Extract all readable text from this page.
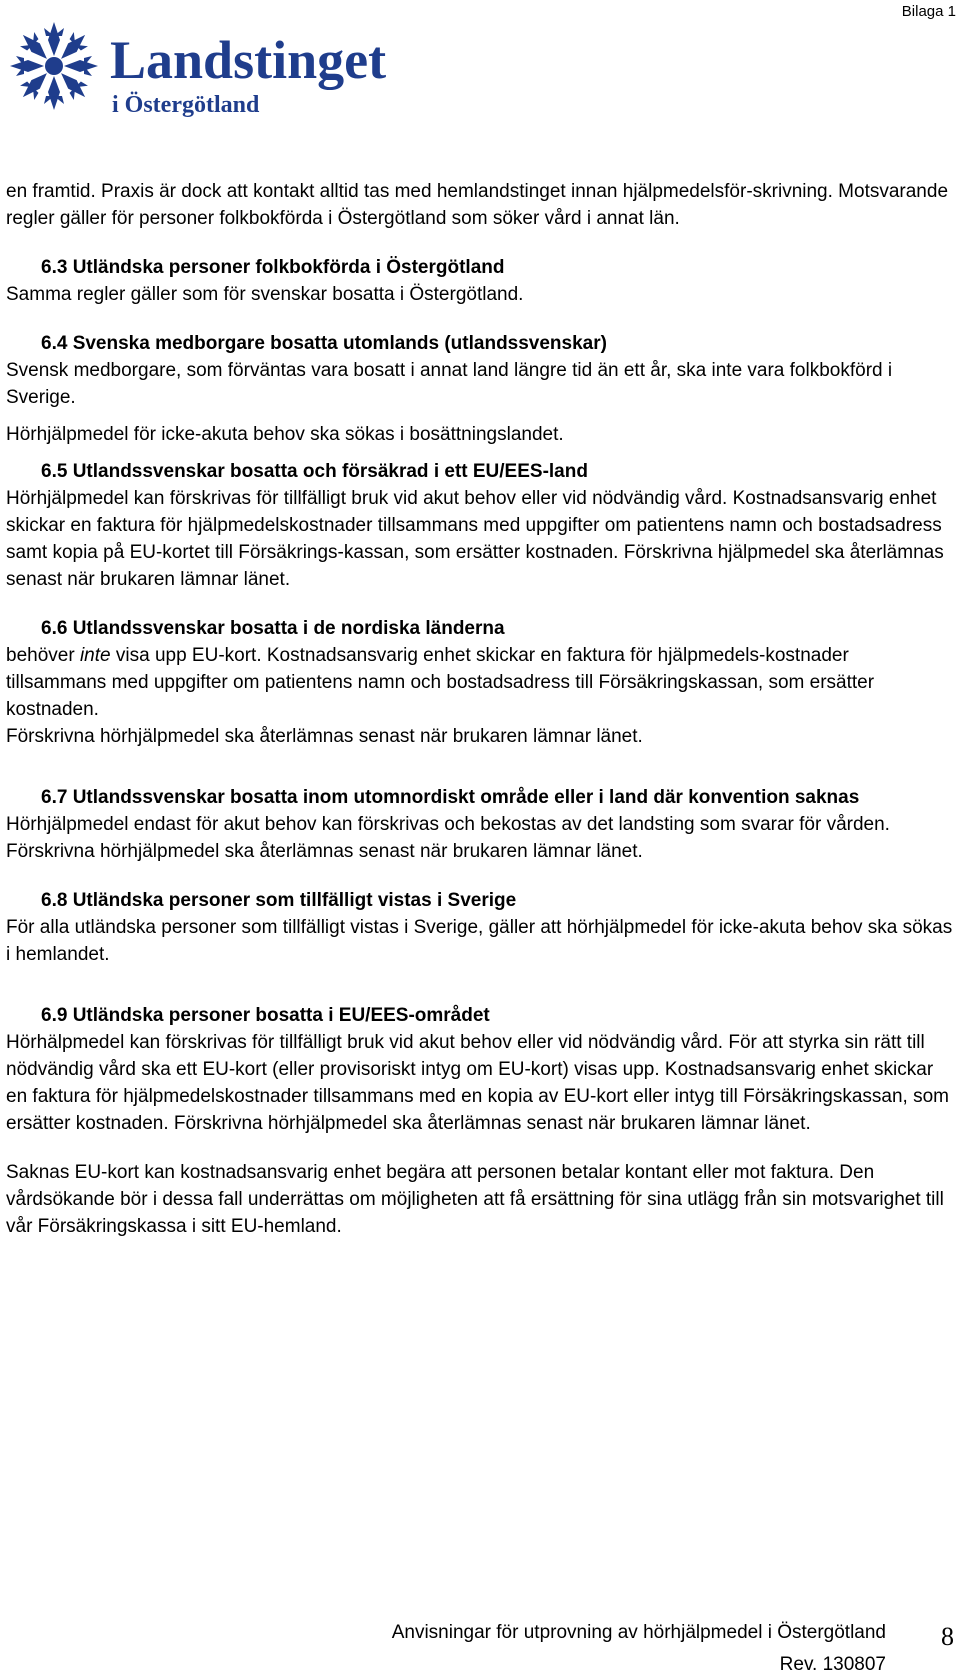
Bilaga 1
Landstinget
i Östergötland

en framtid. Praxis är dock att kontakt alltid tas med hemlandstinget innan hjälpmedelsför-skrivning. Motsvarande regler gäller för personer folkbokförda i Östergötland som söker vård i annat län.

6.3 Utländska personer folkbokförda i Östergötland

Samma regler gäller som för svenskar bosatta i Östergötland.

6.4 Svenska medborgare bosatta utomlands (utlandssvenskar)

Svensk medborgare, som förväntas vara bosatt i annat land längre tid än ett år, ska inte vara folkbokförd i Sverige.

Hörhjälpmedel för icke-akuta behov ska sökas i bosättningslandet.

6.5 Utlandssvenskar bosatta och försäkrad i ett EU/EES-land

Hörhjälpmedel kan förskrivas för tillfälligt bruk vid akut behov eller vid nödvändig vård. Kostnadsansvarig enhet skickar en faktura för hjälpmedelskostnader tillsammans med uppgifter om patientens namn och bostadsadress samt kopia på EU-kortet till Försäkrings-kassan, som ersätter kostnaden. Förskrivna hjälpmedel ska återlämnas senast när brukaren lämnar länet.

6.6 Utlandssvenskar bosatta i de nordiska länderna

behöver inte visa upp EU-kort. Kostnadsansvarig enhet skickar en faktura för hjälpmedels-kostnader tillsammans med uppgifter om patientens namn och bostadsadress till Försäkringskassan, som ersätter kostnaden.

Förskrivna hörhjälpmedel ska återlämnas senast när brukaren lämnar länet.

6.7 Utlandssvenskar bosatta inom utomnordiskt område eller i land där konvention saknas

Hörhjälpmedel endast för akut behov kan förskrivas och bekostas av det landsting som svarar för vården. Förskrivna hörhjälpmedel ska återlämnas senast när brukaren lämnar länet.

6.8 Utländska personer som tillfälligt vistas i Sverige

För alla utländska personer som tillfälligt vistas i Sverige, gäller att hörhjälpmedel för icke-akuta behov ska sökas i hemlandet.

6.9 Utländska personer bosatta i EU/EES-området

Hörhälpmedel kan förskrivas för tillfälligt bruk vid akut behov eller vid nödvändig vård. För att styrka sin rätt till nödvändig vård ska ett EU-kort (eller provisoriskt intyg om EU-kort) visas upp. Kostnadsansvarig enhet skickar en faktura för hjälpmedelskostnader tillsammans med en kopia av EU-kort eller intyg till Försäkringskassan, som ersätter kostnaden. Förskrivna hörhjälpmedel ska återlämnas senast när brukaren lämnar länet.

Saknas EU-kort kan kostnadsansvarig enhet begära att personen betalar kontant eller mot faktura. Den vårdsökande bör i dessa fall underrättas om möjligheten att få ersättning för sina utlägg från sin motsvarighet till vår Försäkringskassa i sitt EU-hemland.

Anvisningar för utprovning av hörhjälpmedel i Östergötland 8
Rev. 130807
